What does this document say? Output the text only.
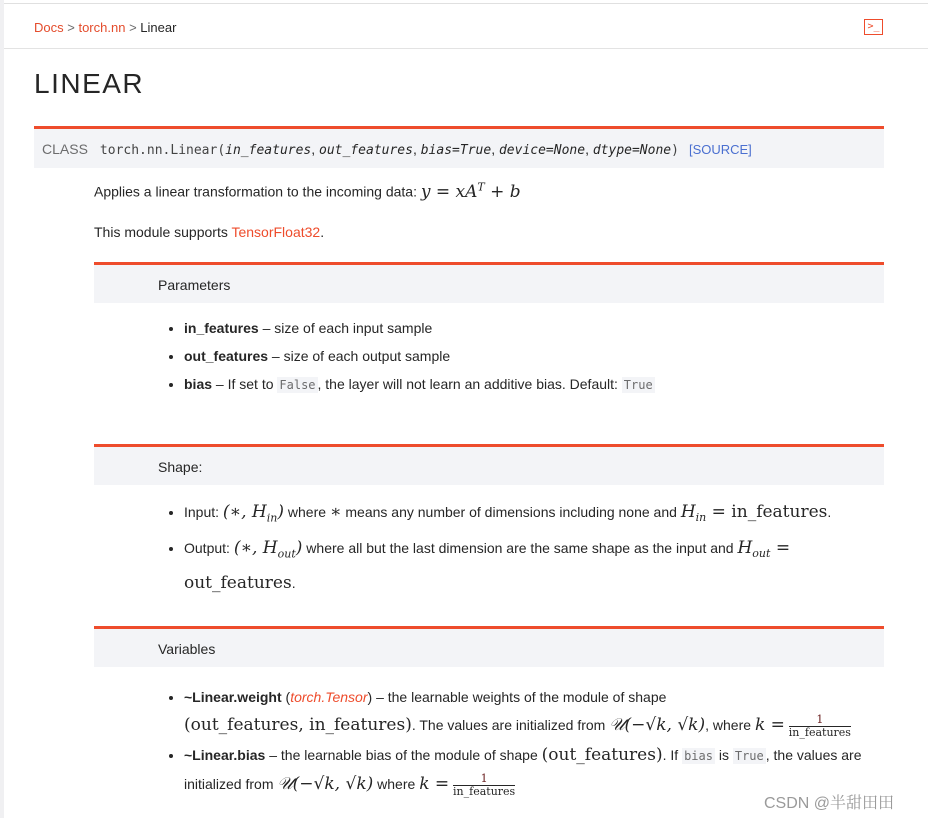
Docs > torch.nn > Linear	>_
LINEAR
CLASS torch.nn.Linear(in_features, out_features, bias=True, device=None, dtype=None) [SOURCE]
Applies a linear transformation to the incoming data: $y = xA^T + b$
This module supports TensorFloat32.
Parameters
• in_features – size of each input sample
• out_features – size of each output sample
• bias – If set to False , the layer will not learn an additive bias. Default: True
Shape:
• Input: (∗, $H_{in}$) where ∗ means any number of dimensions including none and $H_{in}$ = in_features.
• Output: (∗, $H_{out}$) where all but the last dimension are the same shape as the input and $H_{out}$ = out_features.
Variables
• ~Linear.weight (torch.Tensor) – the learnable weights of the module of shape
(out_features, in_features). The values are initialized from 𝒰(−√k, √k), where $k = \frac{1}{\text{in\_features}}$
• ~Linear.bias – the learnable bias of the module of shape (out_features). If bias is True , the values are initialized from 𝒰(−√k, √k) where $k = \frac{1}{\text{in\_features}}$
CSDN @半甜田田
